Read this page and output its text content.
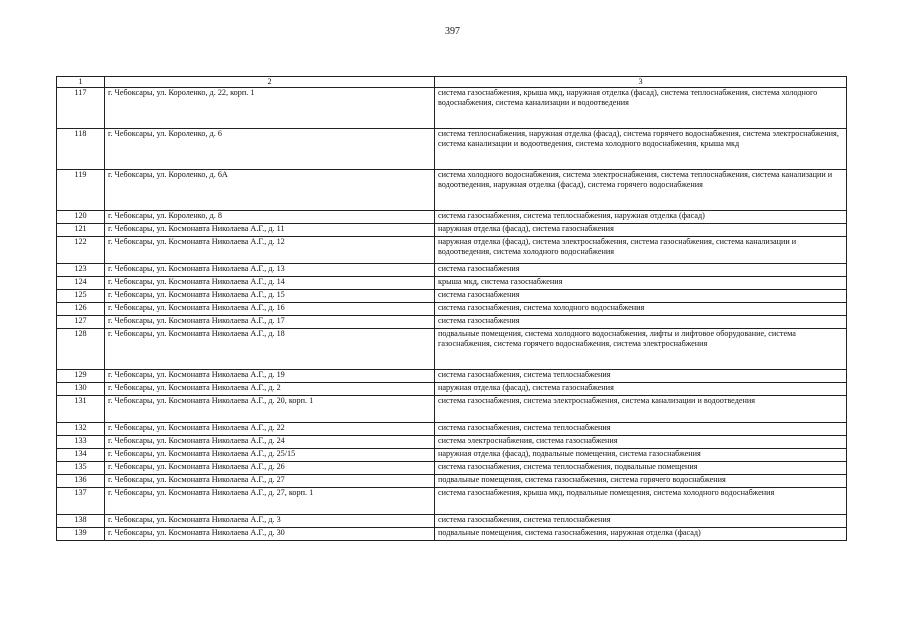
397
1	2	3
117	г. Чебоксары, ул. Короленко, д. 22, корп. 1	система газоснабжения, крыша мкд, наружная отделка (фасад), система теплоснабжения, система холодного водоснабжения, система канализации и водоотведения
118	г. Чебоксары, ул. Короленко, д. 6	система теплоснабжения, наружная отделка (фасад), система горячего водоснабжения, система электроснабжения, система канализации и водоотведения, система холодного водоснабжения, крыша мкд
119	г. Чебоксары, ул. Короленко, д. 6А	система холодного водоснабжения, система электроснабжения, система теплоснабжения, система канализации и водоотведения, наружная отделка (фасад), система горячего водоснабжения
120	г. Чебоксары, ул. Короленко, д. 8	система газоснабжения, система теплоснабжения, наружная отделка (фасад)
121	г. Чебоксары, ул. Космонавта Николаева А.Г., д. 11	наружная отделка (фасад), система газоснабжения
122	г. Чебоксары, ул. Космонавта Николаева А.Г., д. 12	наружная отделка (фасад), система электроснабжения, система газоснабжения, система канализации и водоотведения, система холодного водоснабжения
123	г. Чебоксары, ул. Космонавта Николаева А.Г., д. 13	система газоснабжения
124	г. Чебоксары, ул. Космонавта Николаева А.Г., д. 14	крыша мкд, система газоснабжения
125	г. Чебоксары, ул. Космонавта Николаева А.Г., д. 15	система газоснабжения
126	г. Чебоксары, ул. Космонавта Николаева А.Г., д. 16	система газоснабжения, система холодного водоснабжения
127	г. Чебоксары, ул. Космонавта Николаева А.Г., д. 17	система газоснабжения
128	г. Чебоксары, ул. Космонавта Николаева А.Г., д. 18	подвальные помещения, система холодного водоснабжения, лифты и лифтовое оборудование, система газоснабжения, система горячего водоснабжения, система электроснабжения
129	г. Чебоксары, ул. Космонавта Николаева А.Г., д. 19	система газоснабжения, система теплоснабжения
130	г. Чебоксары, ул. Космонавта Николаева А.Г., д. 2	наружная отделка (фасад), система газоснабжения
131	г. Чебоксары, ул. Космонавта Николаева А.Г., д. 20, корп. 1	система газоснабжения, система электроснабжения, система канализации и водоотведения
132	г. Чебоксары, ул. Космонавта Николаева А.Г., д. 22	система газоснабжения, система теплоснабжения
133	г. Чебоксары, ул. Космонавта Николаева А.Г., д. 24	система электроснабжения, система газоснабжения
134	г. Чебоксары, ул. Космонавта Николаева А.Г., д. 25/15	наружная отделка (фасад), подвальные помещения, система газоснабжения
135	г. Чебоксары, ул. Космонавта Николаева А.Г., д. 26	система газоснабжения, система теплоснабжения, подвальные помещения
136	г. Чебоксары, ул. Космонавта Николаева А.Г., д. 27	подвальные помещения, система газоснабжения, система горячего водоснабжения
137	г. Чебоксары, ул. Космонавта Николаева А.Г., д. 27, корп. 1	система газоснабжения, крыша мкд, подвальные помещения, система холодного водоснабжения
138	г. Чебоксары, ул. Космонавта Николаева А.Г., д. 3	система газоснабжения, система теплоснабжения
139	г. Чебоксары, ул. Космонавта Николаева А.Г., д. 30	подвальные помещения, система газоснабжения, наружная отделка (фасад)
